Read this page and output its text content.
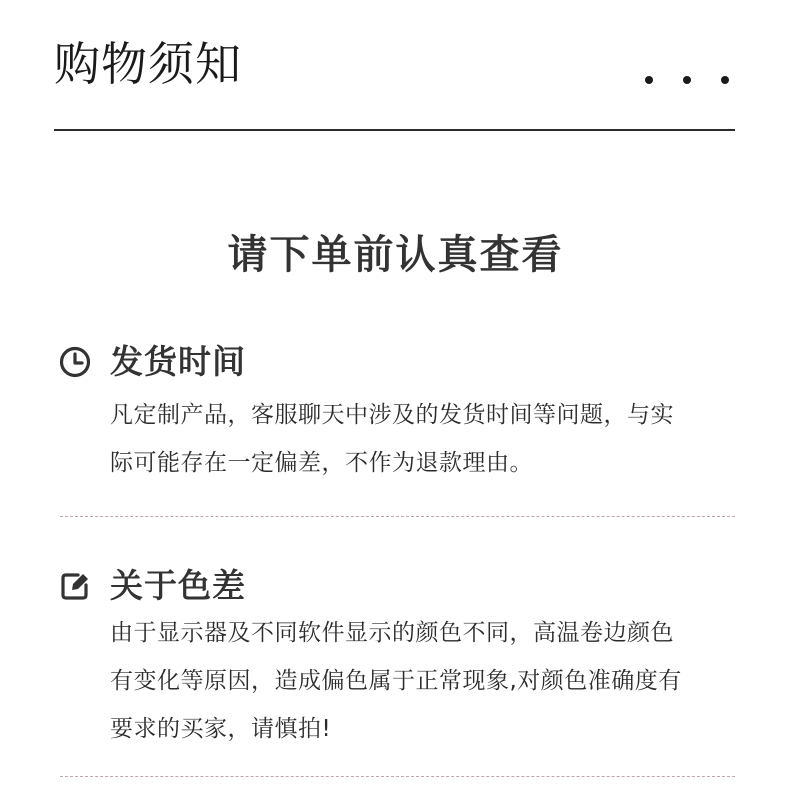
购物须知
请下单前认真查看
发货时间

凡定制产品，客服聊天中涉及的发货时间等问题，与实

际可能存在一定偏差，不作为退款理由。

关于色差

由于显示器及不同软件显示的颜色不同，高温卷边颜色

有变化等原因，造成偏色属于正常现象,对颜色准确度有

要求的买家，请慎拍!
